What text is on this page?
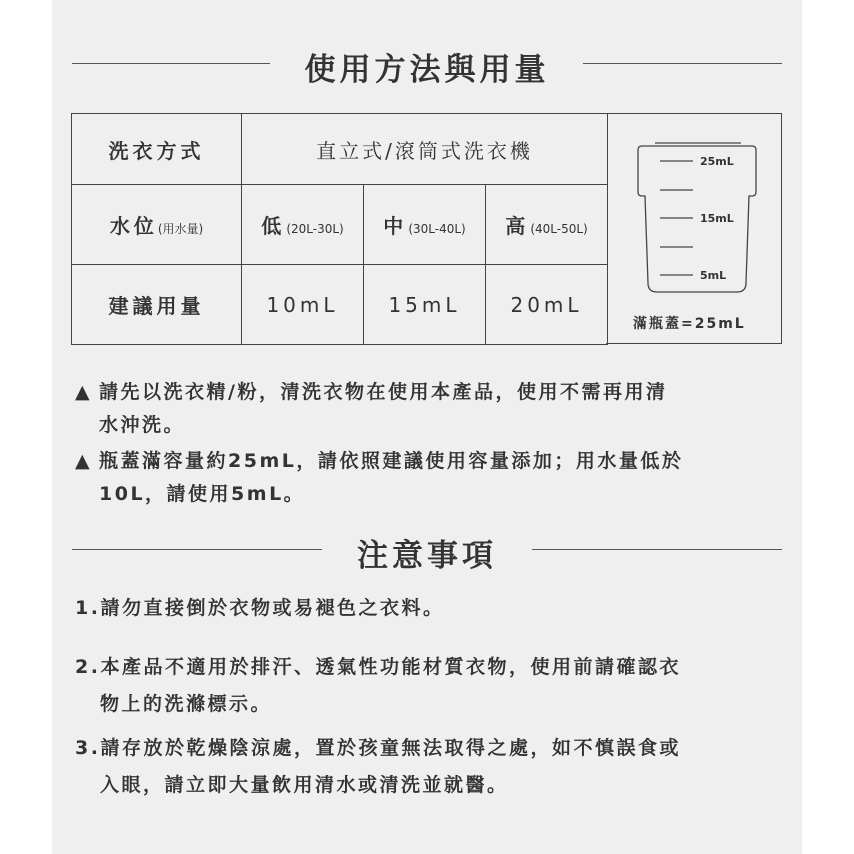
使用方法與用量
洗衣方式	直立式/滾筒式洗衣機		
水位(用水量)	低 (20L-30L)	中 (30L-40L)	高 (40L-50L)
建議用量	10mL	15mL	20mL
25mL
15mL
5mL
滿瓶蓋=25mL
▲ 請先以洗衣精/粉，清洗衣物在使用本產品，使用不需再用清
水沖洗。
▲ 瓶蓋滿容量約25mL，請依照建議使用容量添加；用水量低於
10L，請使用5mL。
注意事項
1.請勿直接倒於衣物或易褪色之衣料。
2.本產品不適用於排汗、透氣性功能材質衣物，使用前請確認衣
物上的洗滌標示。
3.請存放於乾燥陰涼處，置於孩童無法取得之處，如不慎誤食或
入眼，請立即大量飲用清水或清洗並就醫。
